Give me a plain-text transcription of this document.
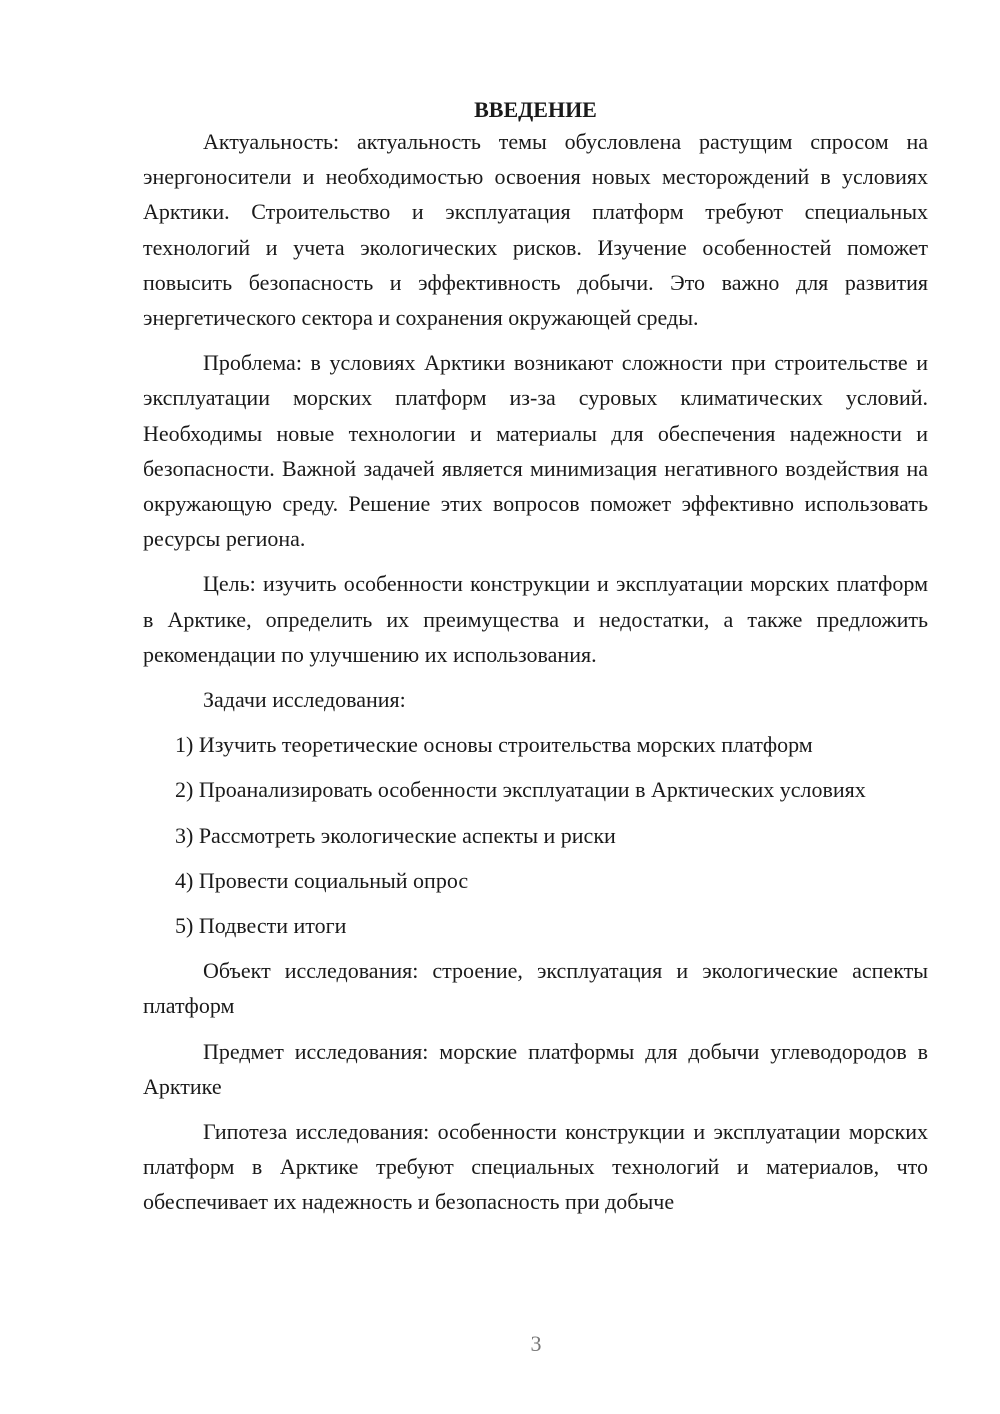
ВВЕДЕНИЕ

Актуальность: актуальность темы обусловлена растущим спросом на энергоносители и необходимостью освоения новых месторождений в условиях Арктики. Строительство и эксплуатация платформ требуют специальных технологий и учета экологических рисков. Изучение особенностей поможет повысить безопасность и эффективность добычи. Это важно для развития энергетического сектора и сохранения окружающей среды.

Проблема: в условиях Арктики возникают сложности при строительстве и эксплуатации морских платформ из-за суровых климатических условий. Необходимы новые технологии и материалы для обеспечения надежности и безопасности. Важной задачей является минимизация негативного воздействия на окружающую среду. Решение этих вопросов поможет эффективно использовать ресурсы региона.

Цель: изучить особенности конструкции и эксплуатации морских платформ в Арктике, определить их преимущества и недостатки, а также предложить рекомендации по улучшению их использования.

Задачи исследования:

1) Изучить теоретические основы строительства морских платформ

2) Проанализировать особенности эксплуатации в Арктических условиях

3) Рассмотреть экологические аспекты и риски

4) Провести социальный опрос

5) Подвести итоги

Объект исследования: строение, эксплуатация и экологические аспекты платформ

Предмет исследования: морские платформы для добычи углеводородов в Арктике

Гипотеза исследования: особенности конструкции и эксплуатации морских платформ в Арктике требуют специальных технологий и материалов, что обеспечивает их надежность и безопасность при добыче

3
